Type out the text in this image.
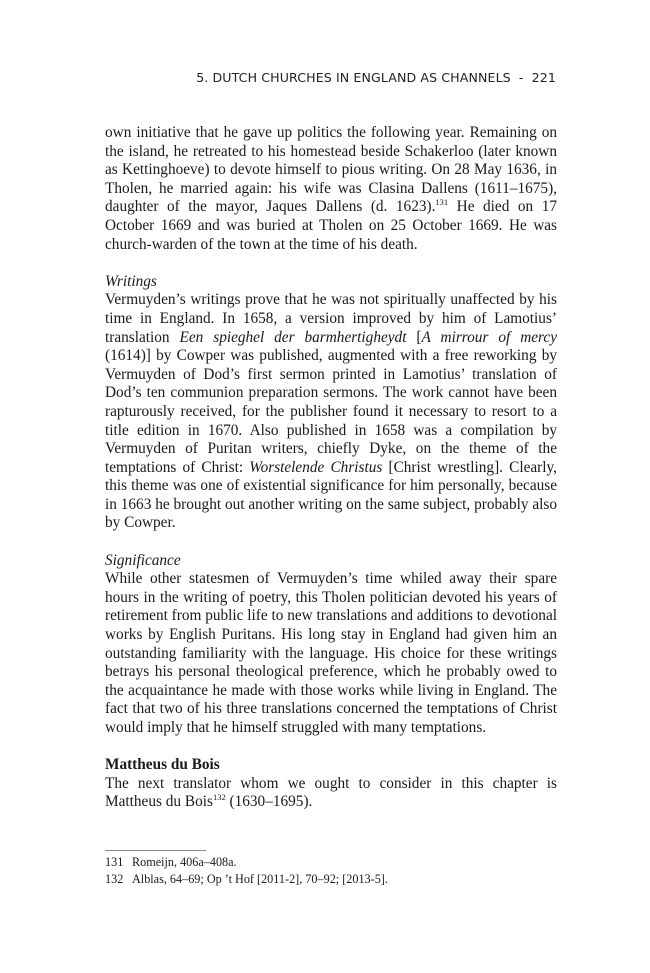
5. DUTCH CHURCHES IN ENGLAND AS CHANNELS - 221

own initiative that he gave up politics the following year. Remaining on the island, he retreated to his homestead beside Schakerloo (later known as Kettinghoeve) to devote himself to pious writing. On 28 May 1636, in Tholen, he married again: his wife was Clasina Dallens (1611–1675), daughter of the mayor, Jaques Dallens (d. 1623).$^{131}$ He died on 17 October 1669 and was buried at Tholen on 25 October 1669. He was church-warden of the town at the time of his death.

Writings

Vermuyden’s writings prove that he was not spiritually unaffected by his time in England. In 1658, a version improved by him of Lamotius’ translation Een spieghel der barmhertigheydt [A mirrour of mercy (1614)] by Cowper was published, augmented with a free reworking by Vermuyden of Dod’s first sermon printed in Lamotius’ translation of Dod’s ten communion preparation sermons. The work cannot have been rapturously received, for the publisher found it necessary to resort to a title edition in 1670. Also published in 1658 was a compilation by Vermuyden of Puritan writers, chiefly Dyke, on the theme of the temptations of Christ: Worstelende Christus [Christ wrestling]. Clearly, this theme was one of existential significance for him personally, because in 1663 he brought out another writing on the same subject, probably also by Cowper.

Significance

While other statesmen of Vermuyden’s time whiled away their spare hours in the writing of poetry, this Tholen politician devoted his years of retirement from public life to new translations and additions to devotional works by English Puritans. His long stay in England had given him an outstanding familiarity with the language. His choice for these writings betrays his personal theological preference, which he probably owed to the acquaintance he made with those works while living in England. The fact that two of his three translations concerned the temptations of Christ would imply that he himself struggled with many temptations.

Mattheus du Bois

The next translator whom we ought to consider in this chapter is Mattheus du Bois$^{132}$ (1630–1695).

131 Romeijn, 406a–408a.
132 Alblas, 64–69; Op ’t Hof [2011-2], 70–92; [2013-5].
